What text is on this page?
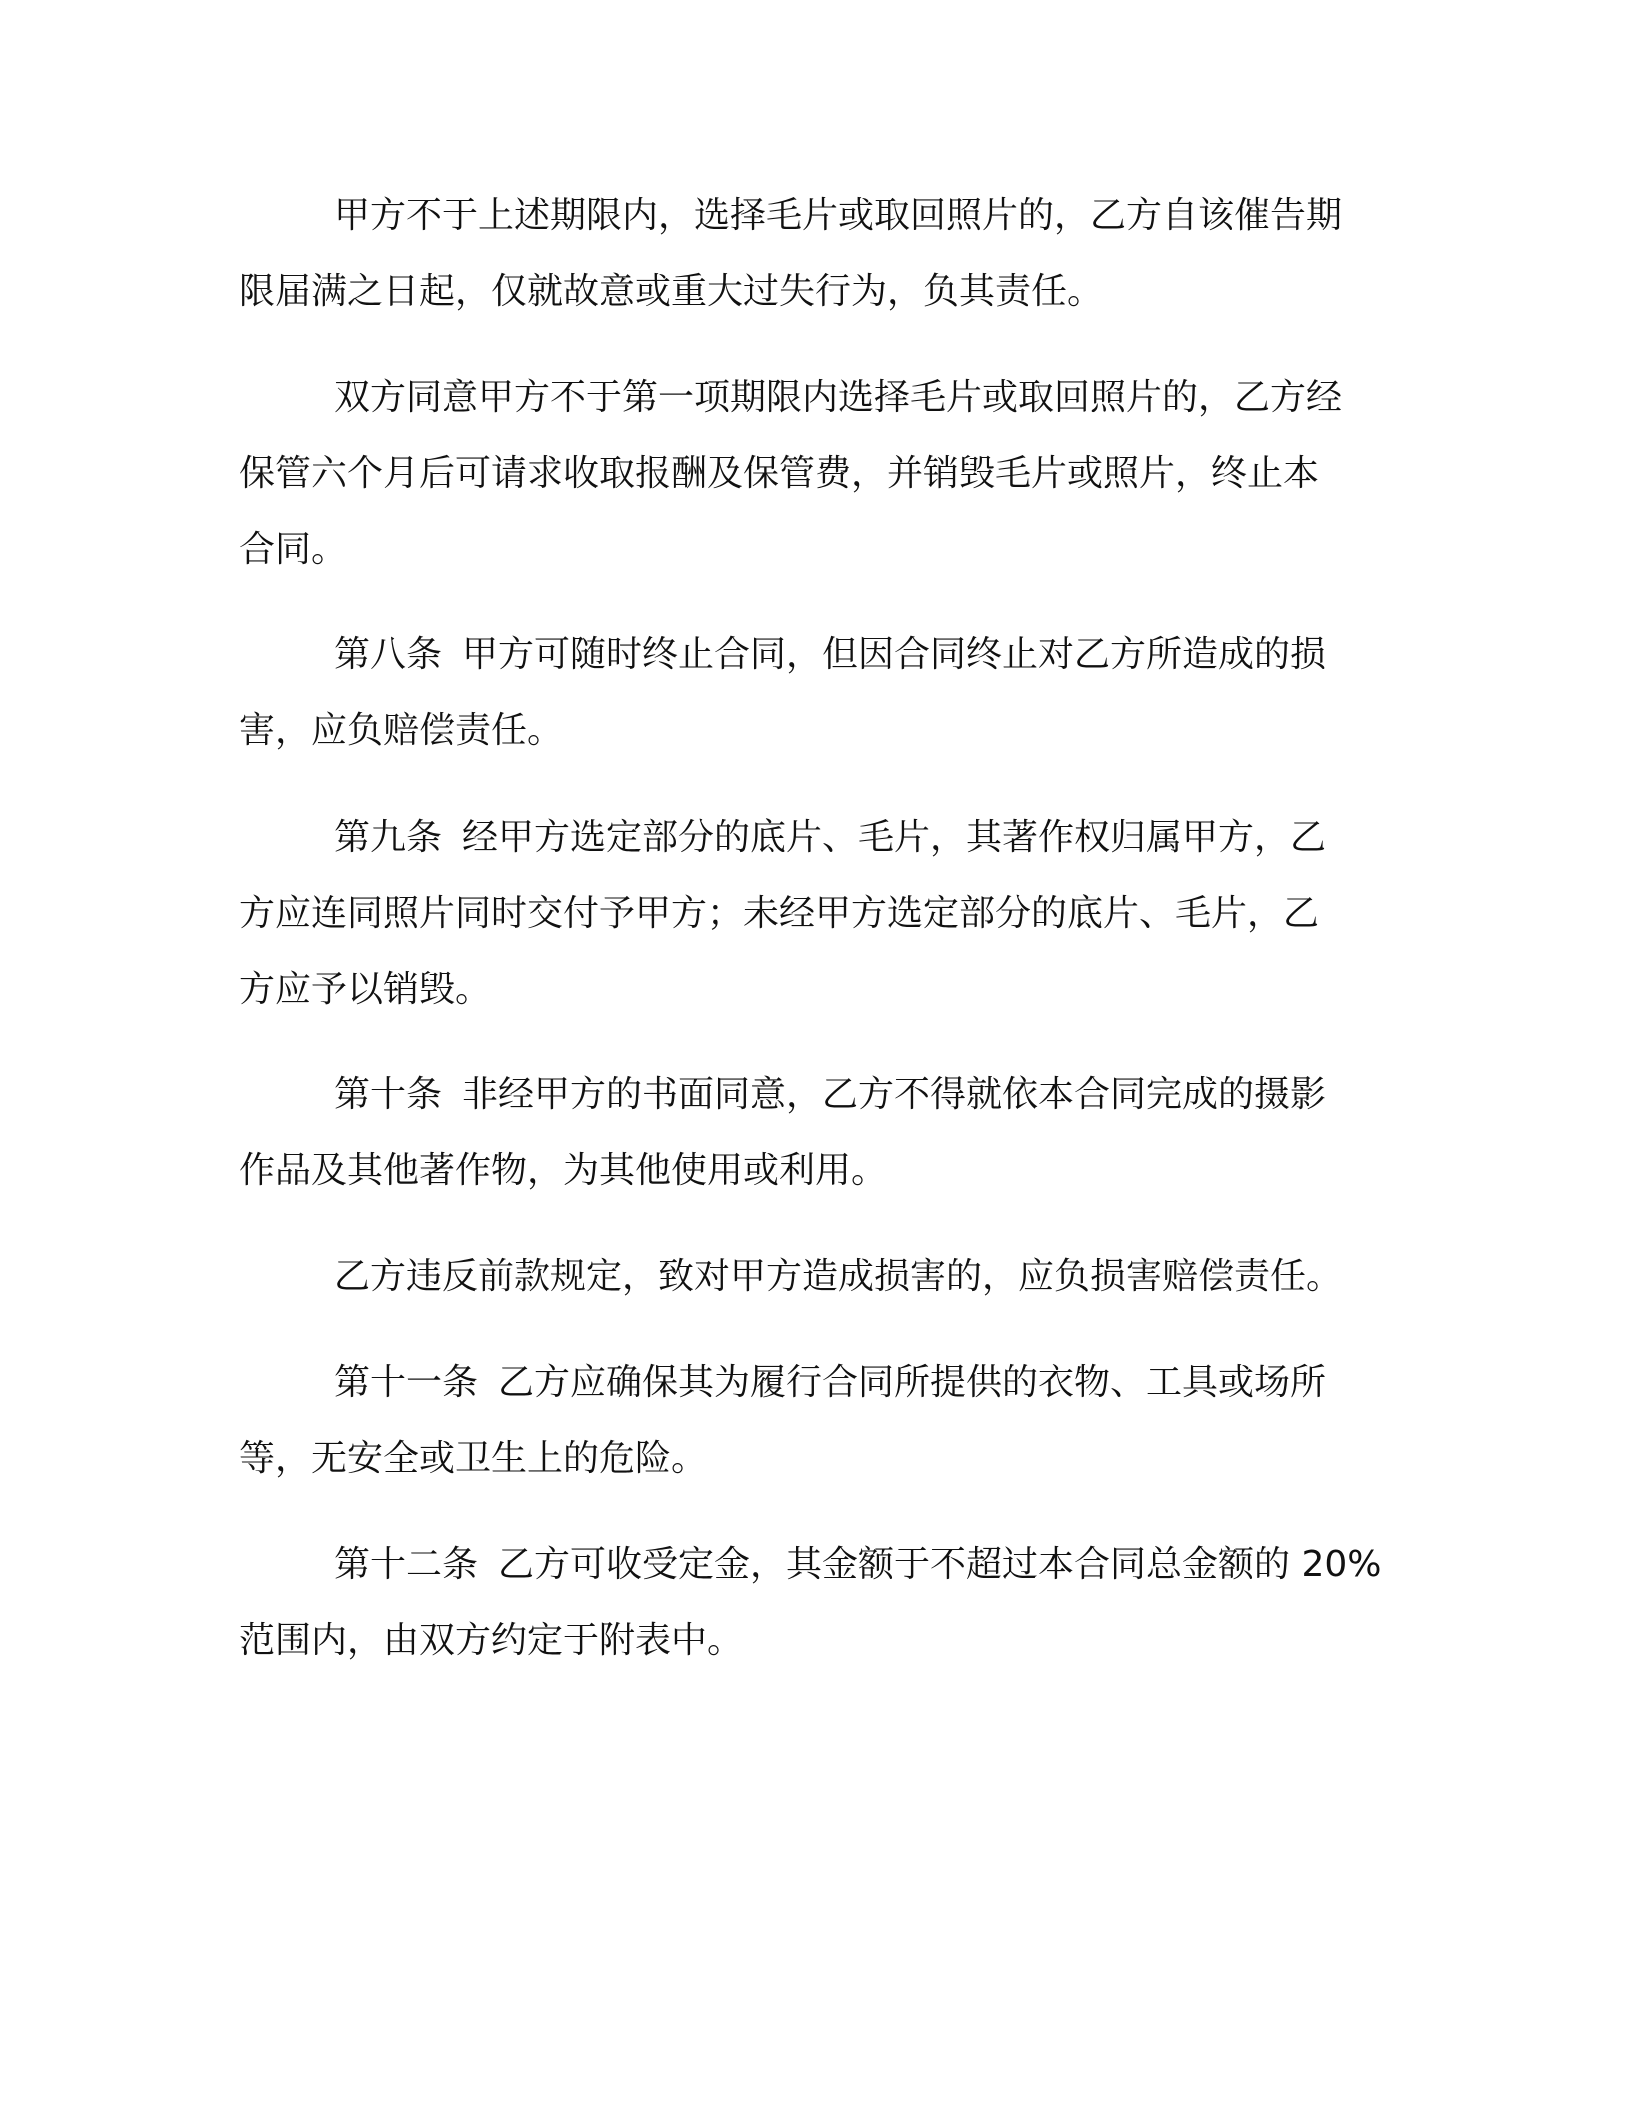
甲方不于上述期限内，选择毛片或取回照片的，乙方自该催告期
限届满之日起，仅就故意或重大过失行为，负其责任。
双方同意甲方不于第一项期限内选择毛片或取回照片的，乙方经
保管六个月后可请求收取报酬及保管费，并销毁毛片或照片，终止本
合同。
第八条 甲方可随时终止合同，但因合同终止对乙方所造成的损
害，应负赔偿责任。
第九条 经甲方选定部分的底片、毛片，其著作权归属甲方，乙
方应连同照片同时交付予甲方；未经甲方选定部分的底片、毛片，乙
方应予以销毁。
第十条 非经甲方的书面同意，乙方不得就依本合同完成的摄影
作品及其他著作物，为其他使用或利用。
乙方违反前款规定，致对甲方造成损害的，应负损害赔偿责任。
第十一条 乙方应确保其为履行合同所提供的衣物、工具或场所
等，无安全或卫生上的危险。
第十二条 乙方可收受定金，其金额于不超过本合同总金额的 20%
范围内，由双方约定于附表中。
